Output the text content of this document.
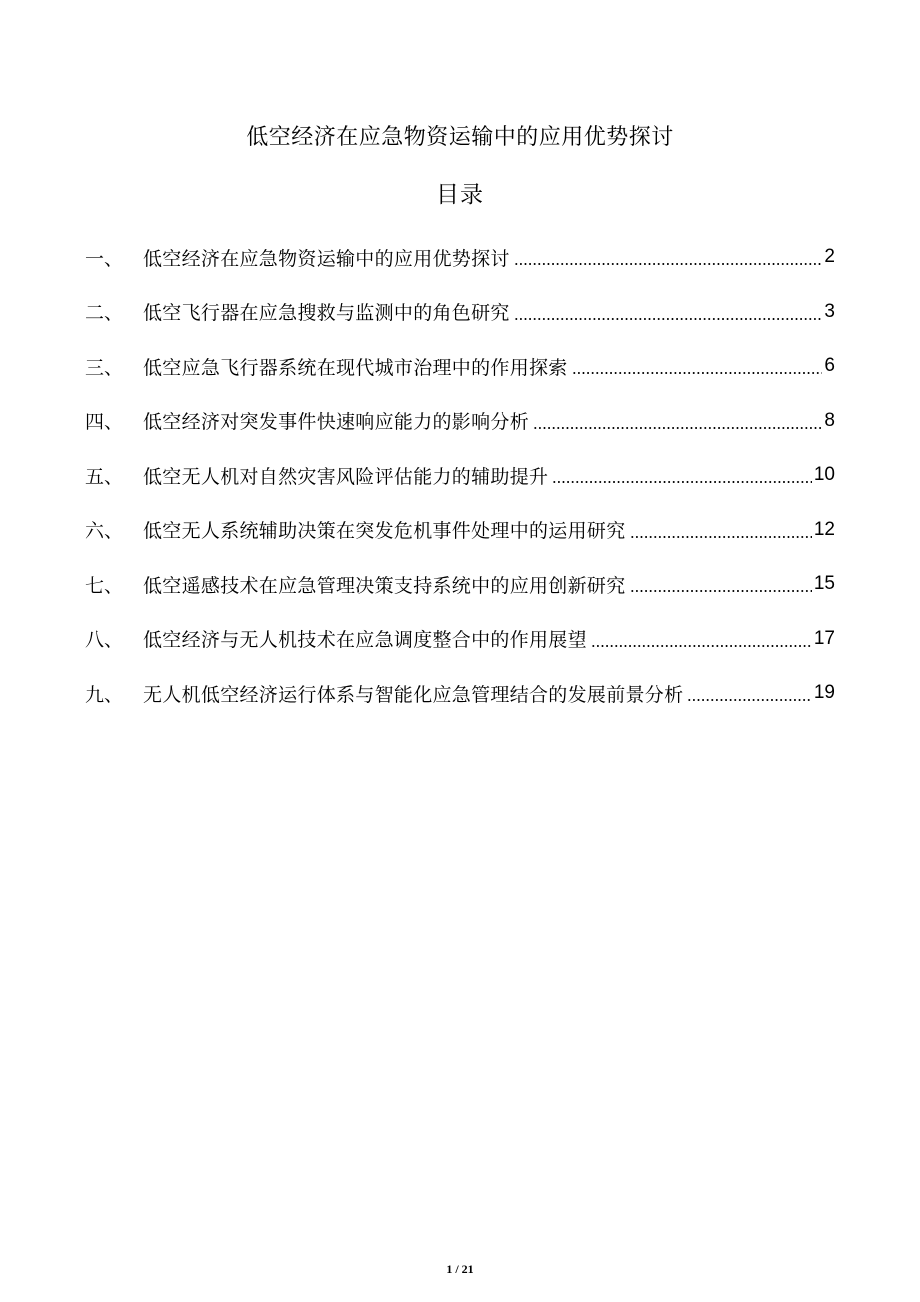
低空经济在应急物资运输中的应用优势探讨
目录
一、	低空经济在应急物资运输中的应用优势探讨	2
二、	低空飞行器在应急搜救与监测中的角色研究	3
三、	低空应急飞行器系统在现代城市治理中的作用探索	6
四、	低空经济对突发事件快速响应能力的影响分析	8
五、	低空无人机对自然灾害风险评估能力的辅助提升	10
六、	低空无人系统辅助决策在突发危机事件处理中的运用研究	12
七、	低空遥感技术在应急管理决策支持系统中的应用创新研究	15
八、	低空经济与无人机技术在应急调度整合中的作用展望	17
九、	无人机低空经济运行体系与智能化应急管理结合的发展前景分析	19
1 / 21
